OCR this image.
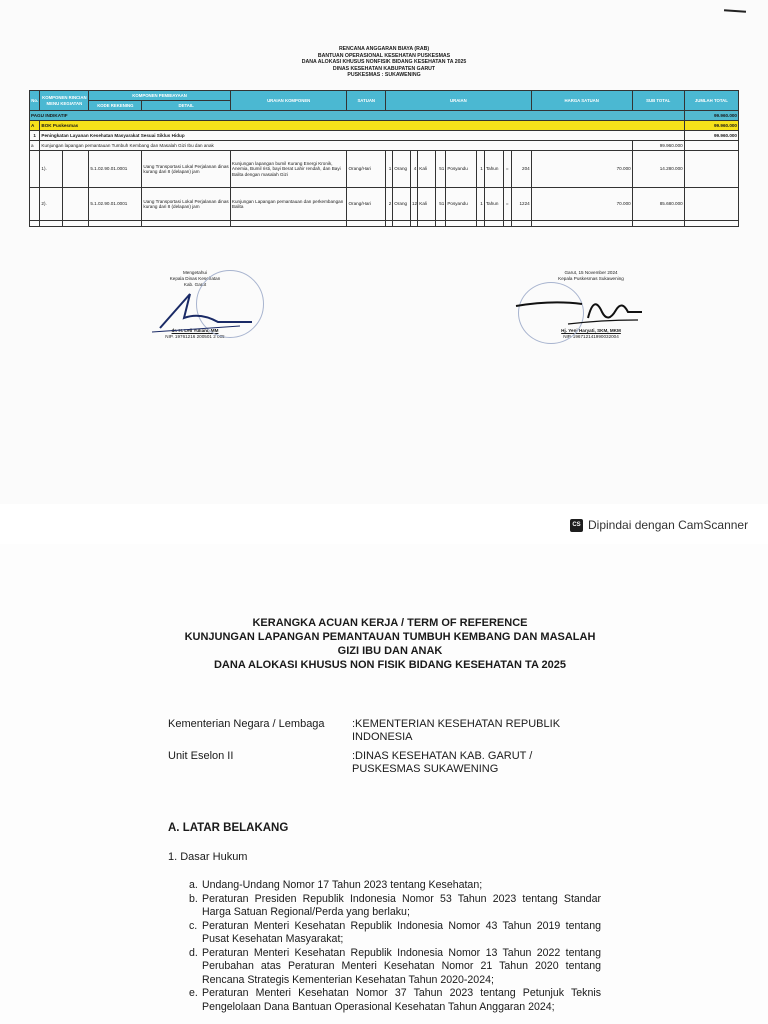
RENCANA ANGGARAN BIAYA (RAB)
BANTUAN OPERASIONAL KESEHATAN PUSKESMAS
DANA ALOKASI KHUSUS NONFISIK BIDANG KESEHATAN TA 2025
DINAS KESEHATAN KABUPATEN GARUT
PUSKESMAS : SUKAWENING
No.	KOMPONEN RINCIAN MENU KEGIATAN		KOMPONEN PEMBIAYAAN		URAIAN KOMPONEN	SATUAN	URAIAN										HARGA SATUAN	SUB TOTAL	JUMLAH TOTAL
			KODE REKENING	DETAIL															
PAGU INDIKATIF																			99.960.000
A	BOK Puskesmas																		99.960.000
1	Peningkatan Layanan Kesehatan Masyarakat Sesuai Siklus Hidup																		99.960.000
a	Kunjungan lapangan pemantauan Tumbuh Kembang dan Masalah Gizi Ibu dan anak																	99.960.000	
	1).		5.1.02.90.01.0001	Uang Transportasi Lokal Perjalanan dinas kurang dari 8 (delapan) jam	Kunjungan lapangan bumil Kurang Energi Kronik, Anemia, Bumil risti, bayi Berat Lahir rendah, dan Bayi Balita dengan masalah Gizi	Orang/Hari	1	Orang	4	Kali	51	Posyandu	1	Tahun	=	204	70.000	14.280.000	
	2).		5.1.02.90.01.0001	Uang Transportasi Lokal Perjalanan dinas kurang dari 8 (delapan) jam	Kunjungan Lapangan pemantauan dan perkembangan Balita	Orang/Hari	2	Orang	12	Kali	51	Posyandu	1	Tahun	=	1224	70.000	85.680.000	

Mengetahui
Kepala Dinas Kesehatan
Kab. Garut
dr. H. Leli Yuliani, MM
NIP. 19761216 200501 2 005
Garut, 15 November 2024
Kepala Puskesmas Sukawening
Hj. Yeni Haryati, SKM, MKM
NIP. 196712141990032004
CS Dipindai dengan CamScanner
KERANGKA ACUAN KERJA / TERM OF REFERENCE
KUNJUNGAN LAPANGAN PEMANTAUAN TUMBUH KEMBANG DAN MASALAH
GIZI IBU DAN ANAK
DANA ALOKASI KHUSUS NON FISIK BIDANG KESEHATAN TA 2025
Kementerian Negara / Lembaga	:KEMENTERIAN KESEHATAN REPUBLIK
INDONESIA
Unit Eselon II	:DINAS KESEHATAN KAB. GARUT /
PUSKESMAS SUKAWENING
A. LATAR BELAKANG
1. Dasar Hukum
a. Undang-Undang Nomor 17 Tahun 2023 tentang Kesehatan;
b. Peraturan Presiden Republik Indonesia Nomor 53 Tahun 2023 tentang Standar Harga Satuan Regional/Perda yang berlaku;
c. Peraturan Menteri Kesehatan Republik Indonesia Nomor 43 Tahun 2019 tentang Pusat Kesehatan Masyarakat;
d. Peraturan Menteri Kesehatan Republik Indonesia Nomor 13 Tahun 2022 tentang Perubahan atas Peraturan Menteri Kesehatan Nomor 21 Tahun 2020 tentang Rencana Strategis Kementerian Kesehatan Tahun 2020-2024;
e. Peraturan Menteri Kesehatan Nomor 37 Tahun 2023 tentang Petunjuk Teknis Pengelolaan Dana Bantuan Operasional Kesehatan Tahun Anggaran 2024;
